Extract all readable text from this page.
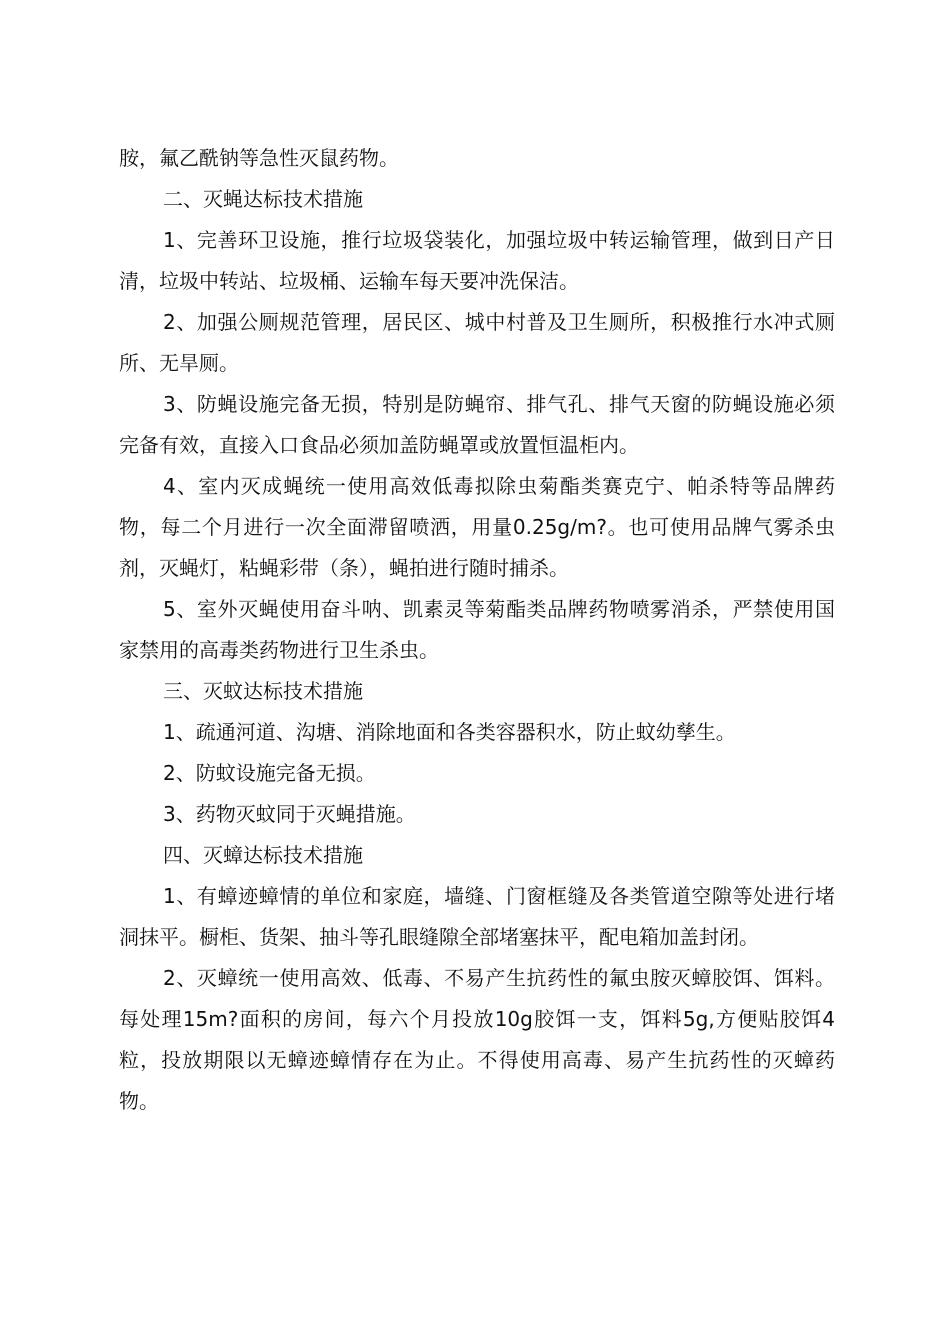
胺，氟乙酰钠等急性灭鼠药物。

二、灭蝇达标技术措施

1、完善环卫设施，推行垃圾袋装化，加强垃圾中转运输管理，做到日产日清，垃圾中转站、垃圾桶、运输车每天要冲洗保洁。

2、加强公厕规范管理，居民区、城中村普及卫生厕所，积极推行水冲式厕所、无旱厕。

3、防蝇设施完备无损，特别是防蝇帘、排气孔、排气天窗的防蝇设施必须完备有效，直接入口食品必须加盖防蝇罩或放置恒温柜内。

4、室内灭成蝇统一使用高效低毒拟除虫菊酯类赛克宁、帕杀特等品牌药物，每二个月进行一次全面滞留喷洒，用量0.25g/m?。也可使用品牌气雾杀虫剂，灭蝇灯，粘蝇彩带（条），蝇拍进行随时捕杀。

5、室外灭蝇使用奋斗呐、凯素灵等菊酯类品牌药物喷雾消杀，严禁使用国家禁用的高毒类药物进行卫生杀虫。

三、灭蚊达标技术措施

1、疏通河道、沟塘、消除地面和各类容器积水，防止蚊幼孳生。

2、防蚊设施完备无损。

3、药物灭蚊同于灭蝇措施。

四、灭蟑达标技术措施

1、有蟑迹蟑情的单位和家庭，墙缝、门窗框缝及各类管道空隙等处进行堵洞抹平。橱柜、货架、抽斗等孔眼缝隙全部堵塞抹平，配电箱加盖封闭。

2、灭蟑统一使用高效、低毒、不易产生抗药性的氟虫胺灭蟑胶饵、饵料。每处理15m?面积的房间，每六个月投放10g胶饵一支，饵料5g,方便贴胶饵4粒，投放期限以无蟑迹蟑情存在为止。不得使用高毒、易产生抗药性的灭蟑药物。
